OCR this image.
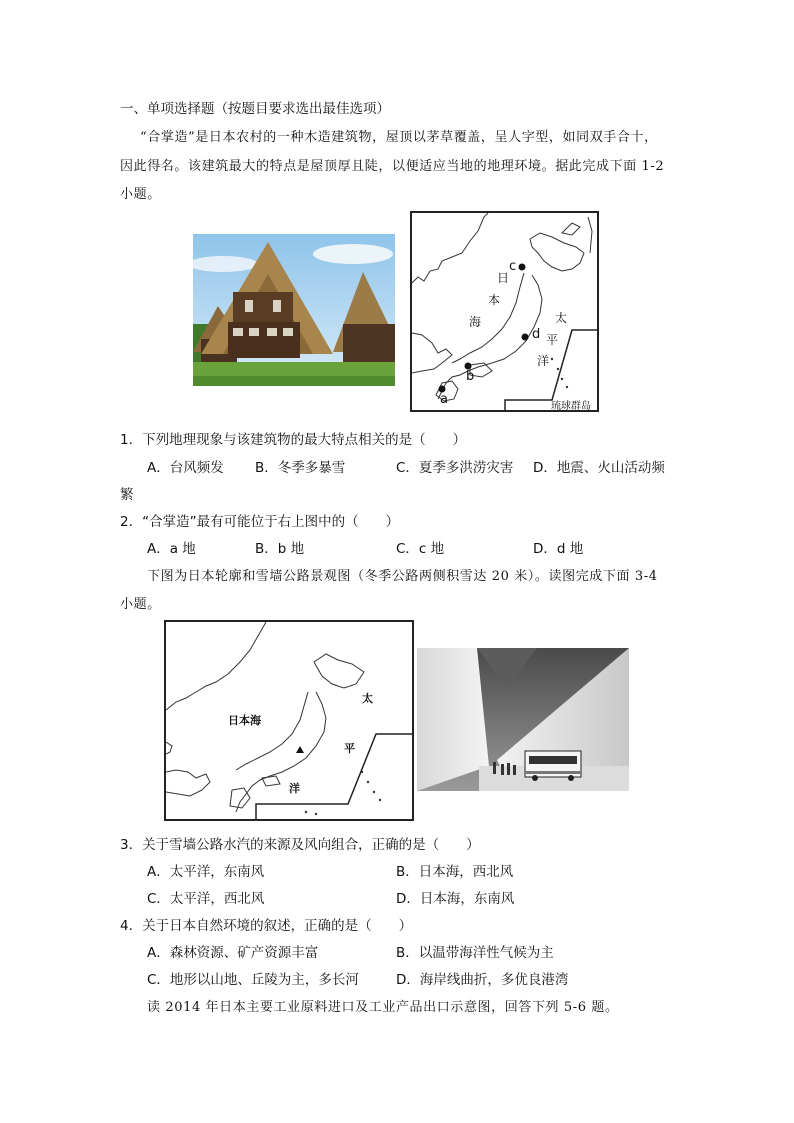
一、单项选择题（按题目要求选出最佳选项）
“合掌造”是日本农村的一种木造建筑物，屋顶以茅草覆盖，呈人字型，如同双手合十，
因此得名。该建筑最大的特点是屋顶厚且陡，以便适应当地的地理环境。据此完成下面 1-2
小题。
日
本
海	太
平
洋
c
d
b
a	琉球群岛
1．下列地理现象与该建筑物的最大特点相关的是（　　）
A．台风频发 B．冬季多暴雪	C．夏季多洪涝灾害 D．地震、火山活动频
繁
2．“合掌造”最有可能位于右上图中的（　　）
A．a 地	B．b 地	C．c 地	D．d 地
下图为日本轮廓和雪墙公路景观图（冬季公路两侧积雪达 20 米）。读图完成下面 3-4
小题。
日本海
太
平
洋
3．关于雪墙公路水汽的来源及风向组合，正确的是（　　）
A．太平洋，东南风	B．日本海，西北风
C．太平洋，西北风	D．日本海，东南风
4．关于日本自然环境的叙述，正确的是（　　）
A．森林资源、矿产资源丰富	B．以温带海洋性气候为主
C．地形以山地、丘陵为主，多长河	D．海岸线曲折，多优良港湾
读 2014 年日本主要工业原料进口及工业产品出口示意图，回答下列 5-6 题。
